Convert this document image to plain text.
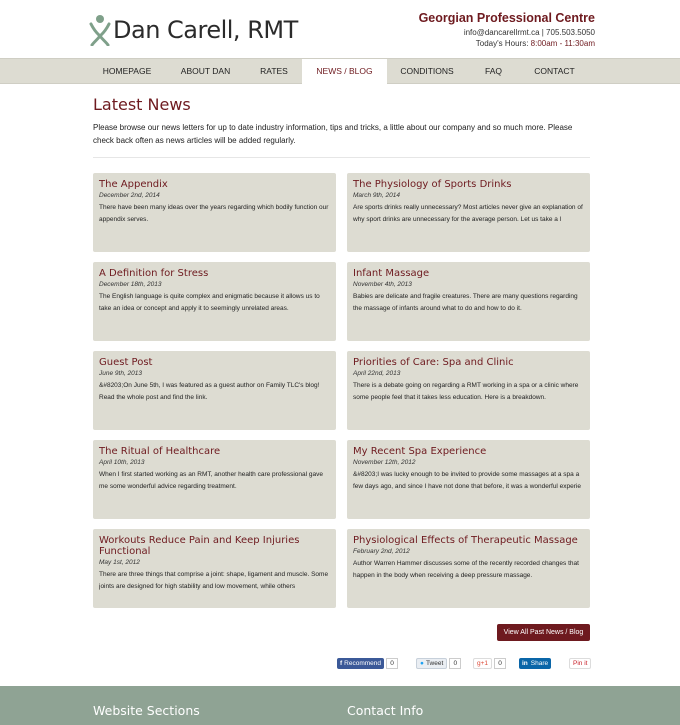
Dan Carell, RMT	Georgian Professional Centre
info@dancarellrmt.ca | 705.503.5050
Today's Hours: 8:00am - 11:30am
HOMEPAGE	ABOUT DAN	RATES	NEWS / BLOG	CONDITIONS	FAQ	CONTACT
Latest News
Please browse our news letters for up to date industry information, tips and tricks, a little about our company and so much more. Please check back often as news articles will be added regularly.
The Appendix
December 2nd, 2014
There have been many ideas over the years regarding which bodily function our appendix serves.
The Physiology of Sports Drinks
March 9th, 2014
Are sports drinks really unnecessary? Most articles never give an explanation of why sport drinks are unnecessary for the average person. Let us take a l
A Definition for Stress
December 18th, 2013
The English language is quite complex and enigmatic because it allows us to take an idea or concept and apply it to seemingly unrelated areas.
Infant Massage
November 4th, 2013
Babies are delicate and fragile creatures. There are many questions regarding the massage of infants around what to do and how to do it.
Guest Post
June 9th, 2013
&#8203;On June 5th, I was featured as a guest author on Family TLC's blog! Read the whole post and find the link.
Priorities of Care: Spa and Clinic
April 22nd, 2013
There is a debate going on regarding a RMT working in a spa or a clinic where some people feel that it takes less education. Here is a breakdown.
The Ritual of Healthcare
April 10th, 2013
When I first started working as an RMT, another health care professional gave me some wonderful advice regarding treatment.
My Recent Spa Experience
November 12th, 2012
&#8203;I was lucky enough to be invited to provide some massages at a spa a few days ago, and since I have not done that before, it was a wonderful experie
Workouts Reduce Pain and Keep Injuries Functional
May 1st, 2012
There are three things that comprise a joint: shape, ligament and muscle. Some joints are designed for high stability and low movement, while others
Physiological Effects of Therapeutic Massage
February 2nd, 2012
Author Warren Hammer discusses some of the recently recorded changes that happen in the body when receiving a deep pressure massage.
View All Past News / Blog
f Recommend	0	● Tweet	0	g+1	0	in Share	Pin it
Website Sections	Contact Info
